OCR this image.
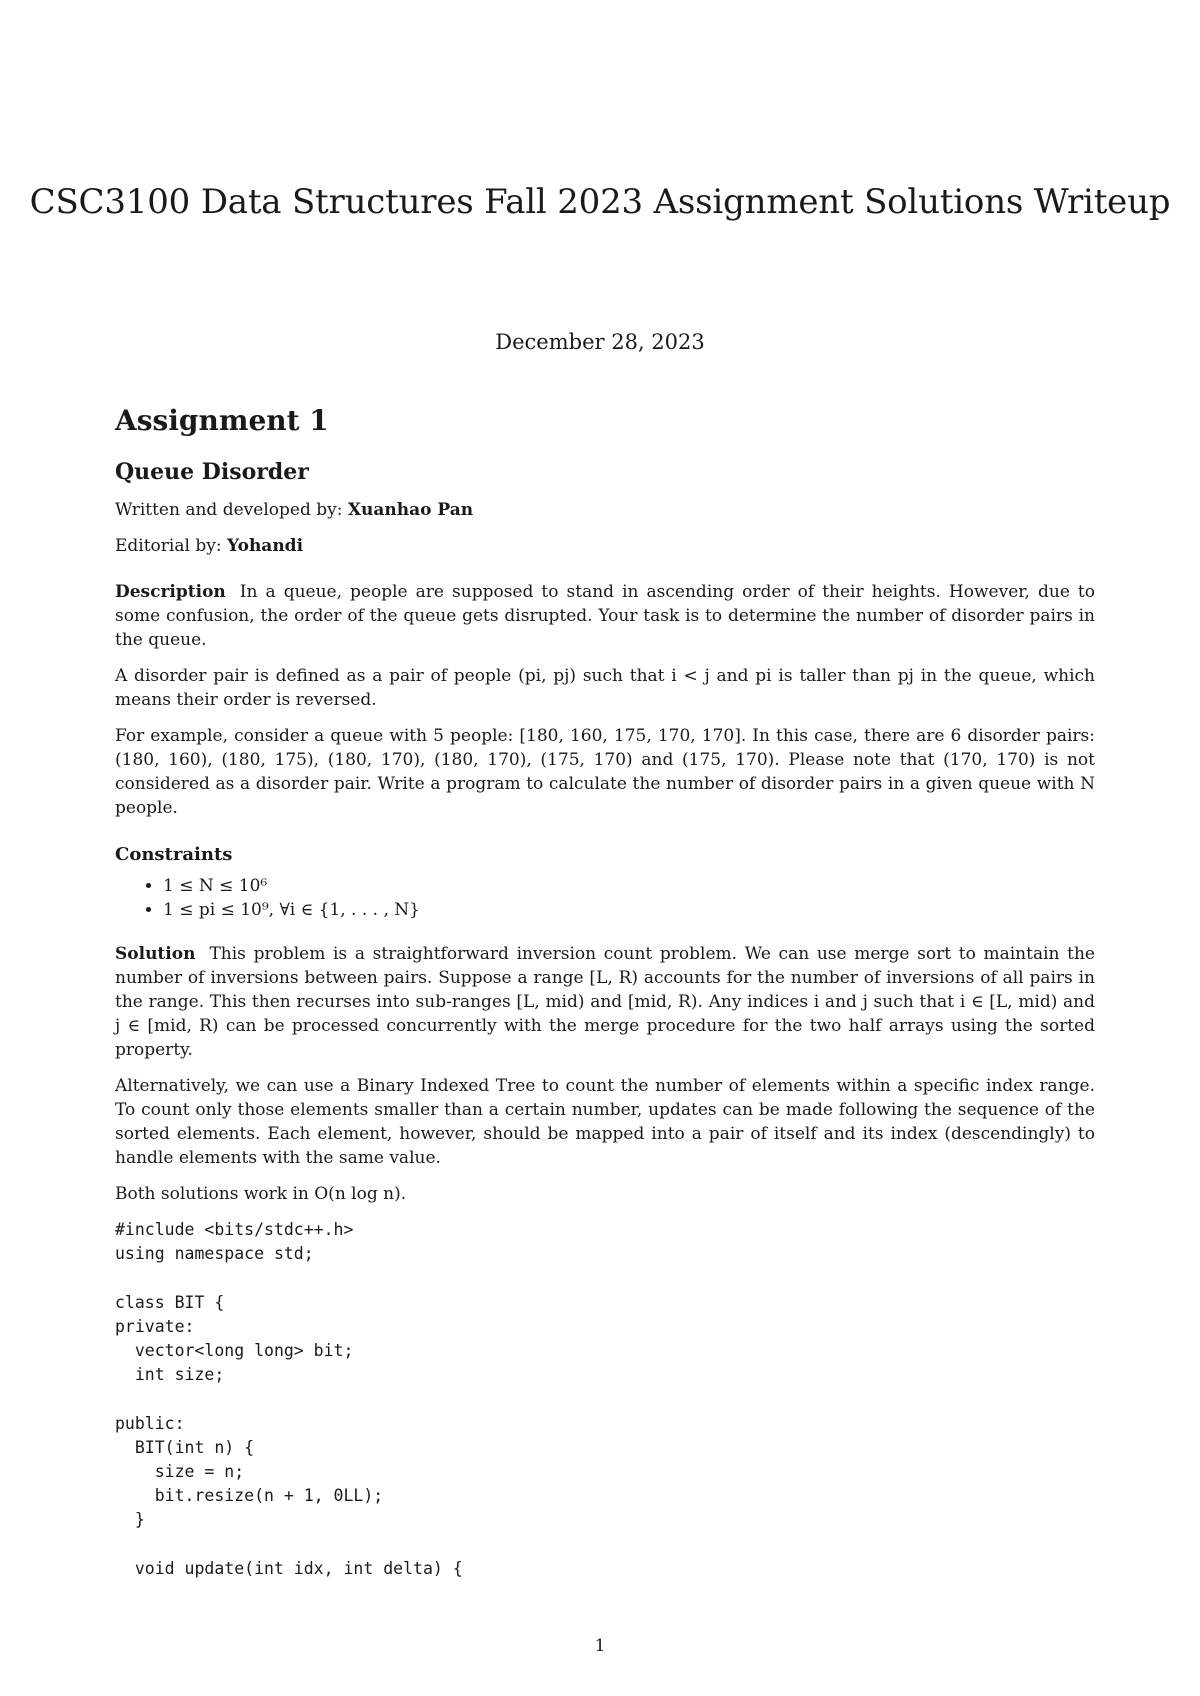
CSC3100 Data Structures Fall 2023 Assignment Solutions Writeup
December 28, 2023
Assignment 1
Queue Disorder

Written and developed by: Xuanhao Pan

Editorial by: Yohandi

Description In a queue, people are supposed to stand in ascending order of their heights. However, due to some confusion, the order of the queue gets disrupted. Your task is to determine the number of disorder pairs in the queue.

A disorder pair is defined as a pair of people (pi, pj) such that i < j and pi is taller than pj in the queue, which means their order is reversed.

For example, consider a queue with 5 people: [180, 160, 175, 170, 170]. In this case, there are 6 disorder pairs: (180, 160), (180, 175), (180, 170), (180, 170), (175, 170) and (175, 170). Please note that (170, 170) is not considered as a disorder pair. Write a program to calculate the number of disorder pairs in a given queue with N people.

Constraints
• 1 ≤ N ≤ 10⁶
• 1 ≤ pi ≤ 10⁹, ∀i ∈ {1, . . . , N}

Solution This problem is a straightforward inversion count problem. We can use merge sort to maintain the number of inversions between pairs. Suppose a range [L, R) accounts for the number of inversions of all pairs in the range. This then recurses into sub-ranges [L, mid) and [mid, R). Any indices i and j such that i ∈ [L, mid) and j ∈ [mid, R) can be processed concurrently with the merge procedure for the two half arrays using the sorted property.

Alternatively, we can use a Binary Indexed Tree to count the number of elements within a specific index range. To count only those elements smaller than a certain number, updates can be made following the sequence of the sorted elements. Each element, however, should be mapped into a pair of itself and its index (descendingly) to handle elements with the same value.

Both solutions work in O(n log n).

#include <bits/stdc++.h>
using namespace std;

class BIT {
private:
vector<long long> bit;
int size;

public:
BIT(int n) {
size = n;
bit.resize(n + 1, 0LL);
}

void update(int idx, int delta) {
1
